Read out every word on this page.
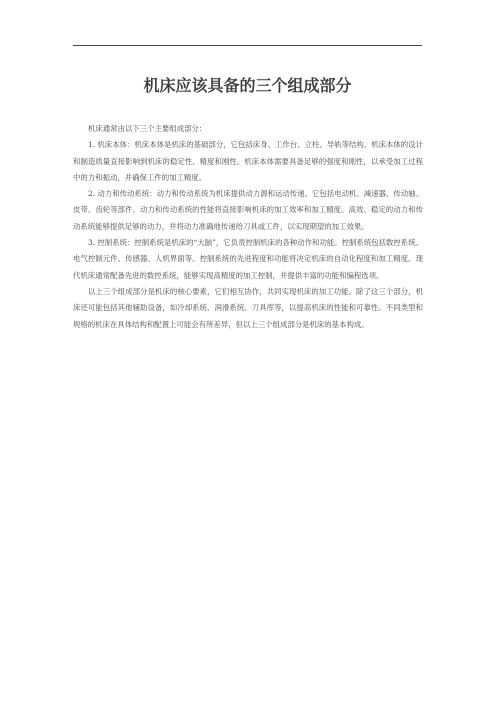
机床应该具备的三个组成部分

机床通常由以下三个主要组成部分：

1. 机床本体：机床本体是机床的基础部分，它包括床身、工作台、立柱、导轨等结构。机床本体的设计和制造质量直接影响到机床的稳定性、精度和刚性。机床本体需要具备足够的强度和刚性，以承受加工过程中的力和振动，并确保工件的加工精度。

2. 动力和传动系统：动力和传动系统为机床提供动力源和运动传递。它包括电动机、减速器、传动轴、皮带、齿轮等部件。动力和传动系统的性能将直接影响机床的加工效率和加工精度。高效、稳定的动力和传动系统能够提供足够的动力，并将动力准确地传递给刀具或工件，以实现期望的加工效果。

3. 控制系统：控制系统是机床的“大脑”，它负责控制机床的各种动作和功能。控制系统包括数控系统、电气控制元件、传感器、人机界面等。控制系统的先进程度和功能将决定机床的自动化程度和加工精度。现代机床通常配备先进的数控系统，能够实现高精度的加工控制，并提供丰富的功能和编程选项。

以上三个组成部分是机床的核心要素，它们相互协作，共同实现机床的加工功能。除了这三个部分，机床还可能包括其他辅助设备，如冷却系统、润滑系统、刀具库等，以提高机床的性能和可靠性。不同类型和规格的机床在具体结构和配置上可能会有所差异，但以上三个组成部分是机床的基本构成。
